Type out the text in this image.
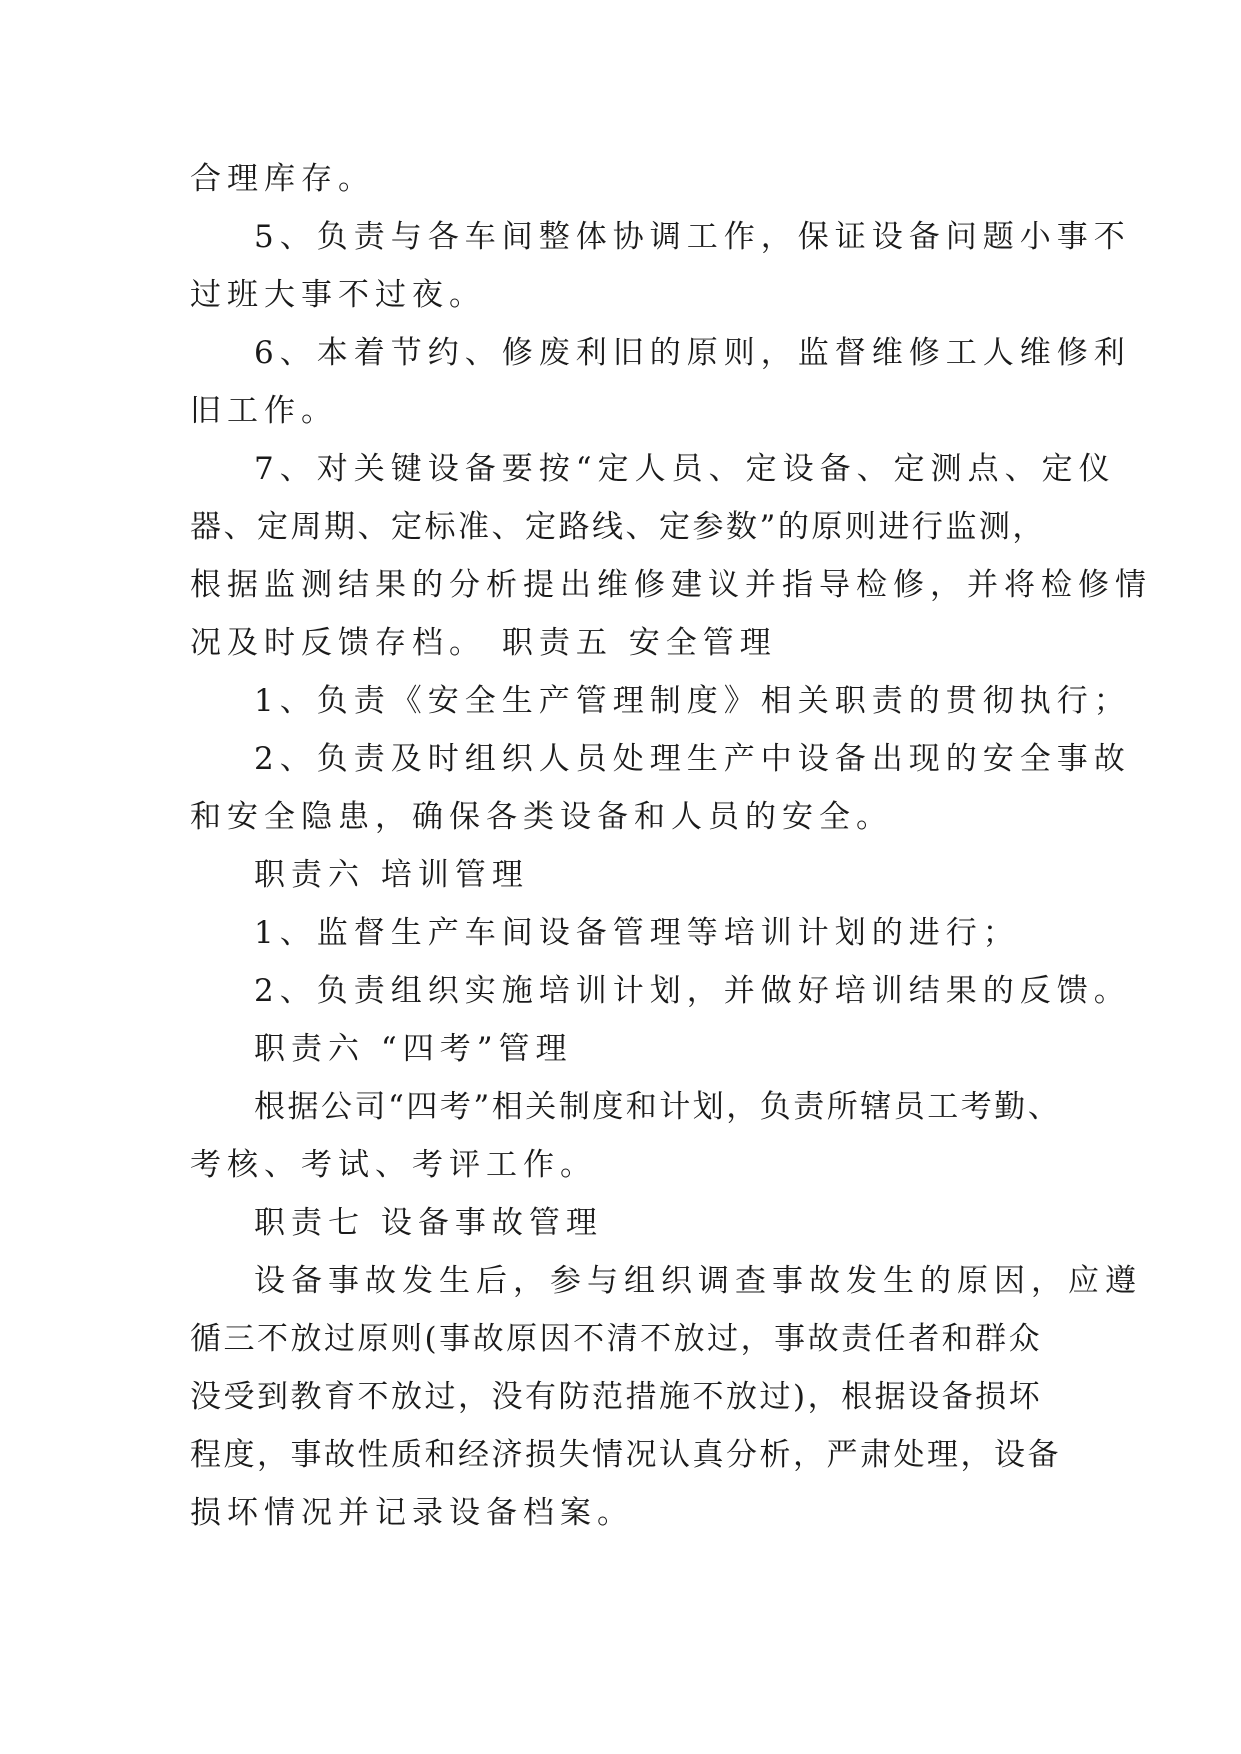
合理库存。
5、负责与各车间整体协调工作，保证设备问题小事不
过班大事不过夜。
6、本着节约、修废利旧的原则，监督维修工人维修利
旧工作。
7、对关键设备要按“定人员、定设备、定测点、定仪
器、定周期、定标准、定路线、定参数”的原则进行监测，
根据监测结果的分析提出维修建议并指导检修，并将检修情
况及时反馈存档。 职责五 安全管理
1、负责《安全生产管理制度》相关职责的贯彻执行；
2、负责及时组织人员处理生产中设备出现的安全事故
和安全隐患，确保各类设备和人员的安全。
职责六 培训管理
1、监督生产车间设备管理等培训计划的进行；
2、负责组织实施培训计划，并做好培训结果的反馈。
职责六 “四考”管理
根据公司“四考”相关制度和计划，负责所辖员工考勤、
考核、考试、考评工作。
职责七 设备事故管理
设备事故发生后，参与组织调查事故发生的原因，应遵
循三不放过原则(事故原因不清不放过，事故责任者和群众
没受到教育不放过，没有防范措施不放过)，根据设备损坏
程度，事故性质和经济损失情况认真分析，严肃处理，设备
损坏情况并记录设备档案。
